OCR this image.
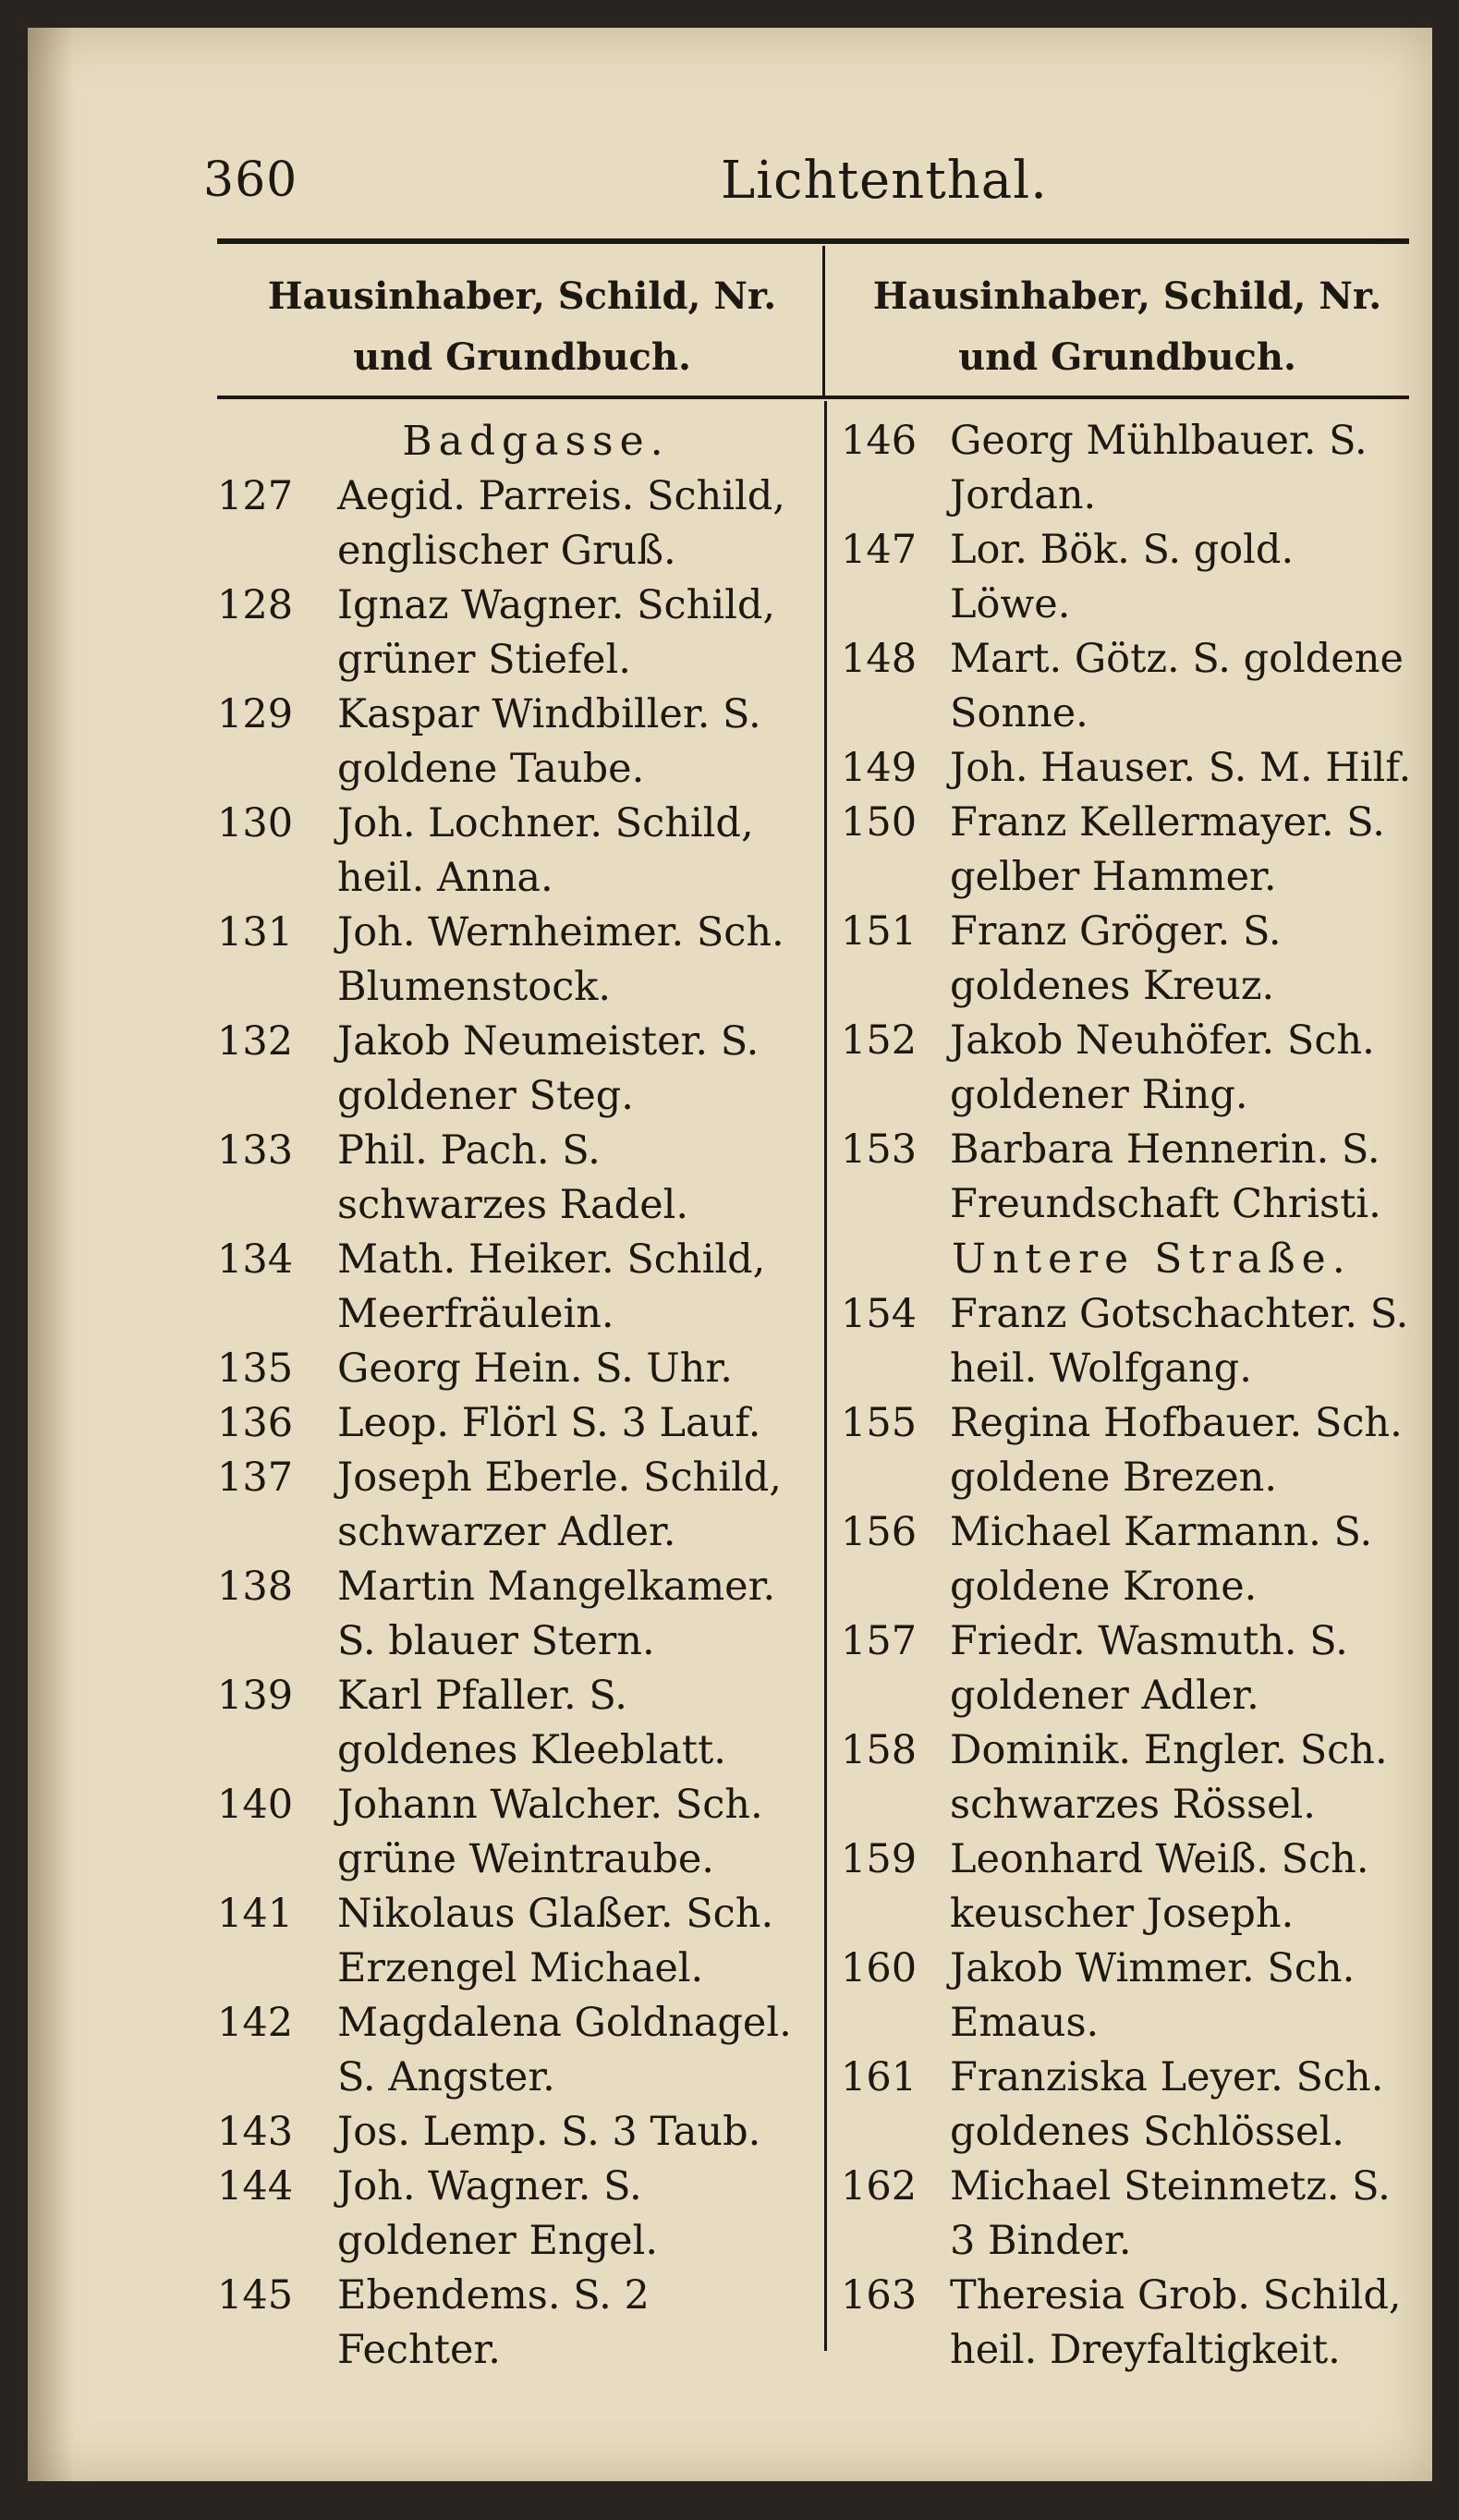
360	Lichtenthal.
Hausinhaber, Schild, Nr. und Grundbuch.
Hausinhaber, Schild, Nr. und Grundbuch.
Badgasse.
127	Aegid. Parreis. Schild, englischer Gruß.
128	Ignaz Wagner. Schild, grüner Stiefel.
129	Kaspar Windbiller. S. goldene Taube.
130	Joh. Lochner. Schild, heil. Anna.
131	Joh. Wernheimer. Sch. Blumenstock.
132	Jakob Neumeister. S. goldener Steg.
133	Phil. Pach. S. schwarzes Radel.
134	Math. Heiker. Schild, Meerfräulein.
135	Georg Hein. S. Uhr.
136	Leop. Flörl S. 3 Lauf.
137	Joseph Eberle. Schild, schwarzer Adler.
138	Martin Mangelkamer. S. blauer Stern.
139	Karl Pfaller. S. goldenes Kleeblatt.
140	Johann Walcher. Sch. grüne Weintraube.
141	Nikolaus Glaßer. Sch. Erzengel Michael.
142	Magdalena Goldnagel. S. Angster.
143	Jos. Lemp. S. 3 Taub.
144	Joh. Wagner. S. goldener Engel.
145	Ebendems. S. 2 Fechter.
146 Georg Mühlbauer. S. Jordan.
147 Lor. Bök. S. gold. Löwe.
148 Mart. Götz. S. goldene Sonne.
149 Joh. Hauser. S. M. Hilf.
150 Franz Kellermayer. S. gelber Hammer.
151 Franz Gröger. S. goldenes Kreuz.
152 Jakob Neuhöfer. Sch. goldener Ring.
153 Barbara Hennerin. S. Freundschaft Christi.
Untere Straße.
154 Franz Gotschachter. S. heil. Wolfgang.
155 Regina Hofbauer. Sch. goldene Brezen.
156 Michael Karmann. S. goldene Krone.
157 Friedr. Wasmuth. S. goldener Adler.
158 Dominik. Engler. Sch. schwarzes Rössel.
159 Leonhard Weiß. Sch. keuscher Joseph.
160 Jakob Wimmer. Sch. Emaus.
161 Franziska Leyer. Sch. goldenes Schlössel.
162 Michael Steinmetz. S. 3 Binder.
163 Theresia Grob. Schild, heil. Dreyfaltigkeit.
